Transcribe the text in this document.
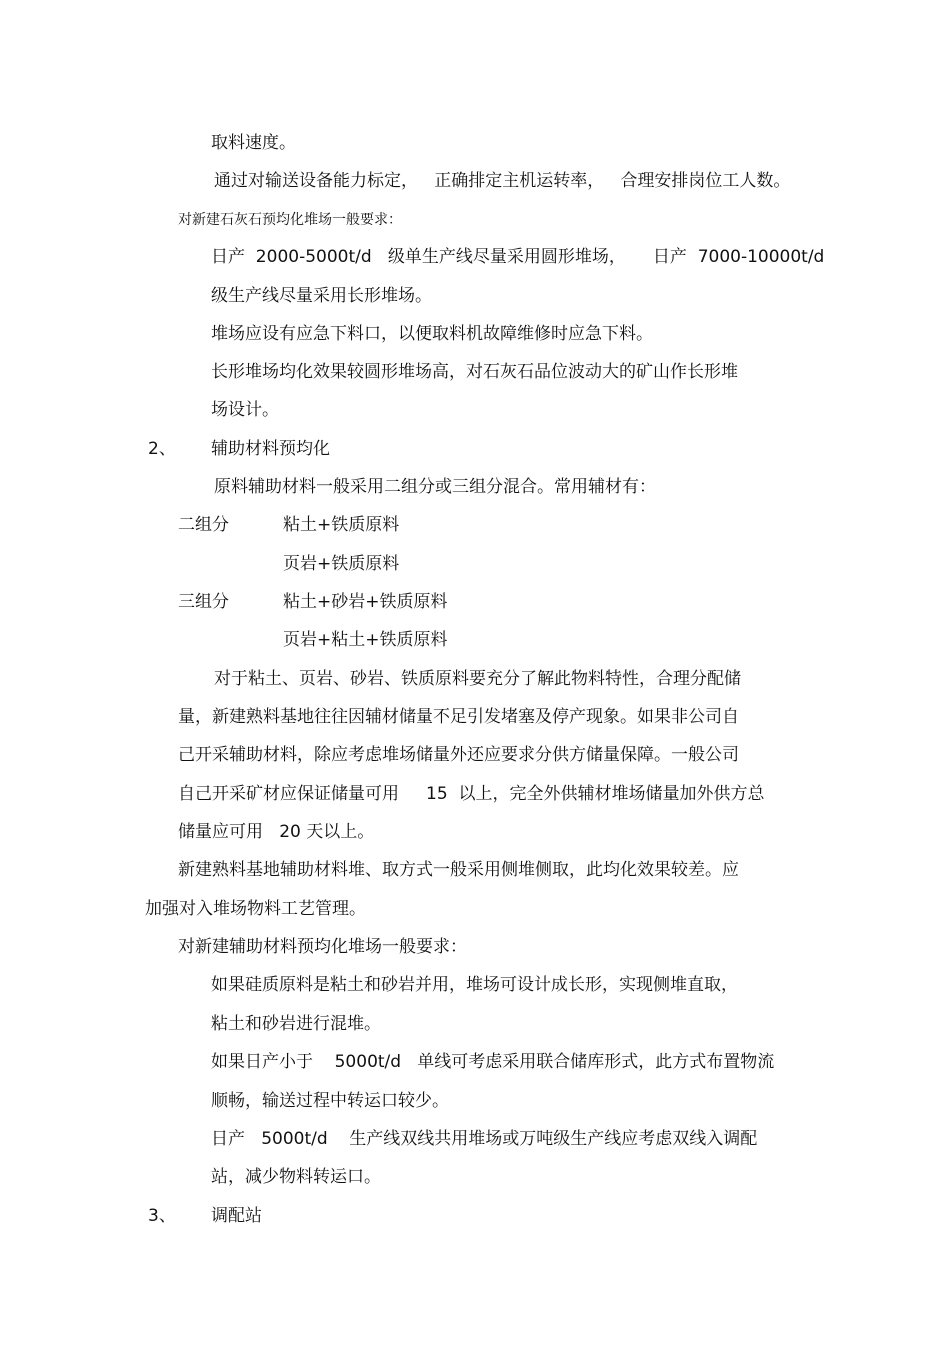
取料速度。
通过对输送设备能力标定，   正确排定主机运转率，   合理安排岗位工人数。
对新建石灰石预均化堆场一般要求：
日产  2000-5000t/d   级单生产线尽量采用圆形堆场，     日产  7000-10000t/d
级生产线尽量采用长形堆场。
堆场应设有应急下料口，以便取料机故障维修时应急下料。
长形堆场均化效果较圆形堆场高，对石灰石品位波动大的矿山作长形堆
场设计。
2、 辅助材料预均化
原料辅助材料一般采用二组分或三组分混合。常用辅材有：
二组分	粘土+铁质原料
页岩+铁质原料
三组分	粘土+砂岩+铁质原料
页岩+粘土+铁质原料
对于粘土、页岩、砂岩、铁质原料要充分了解此物料特性，合理分配储
量，新建熟料基地往往因辅材储量不足引发堵塞及停产现象。如果非公司自
己开采辅助材料，除应考虑堆场储量外还应要求分供方储量保障。一般公司
自己开采矿材应保证储量可用     15  以上，完全外供辅材堆场储量加外供方总
储量应可用   20 天以上。
新建熟料基地辅助材料堆、取方式一般采用侧堆侧取，此均化效果较差。应
加强对入堆场物料工艺管理。
对新建辅助材料预均化堆场一般要求：
如果硅质原料是粘土和砂岩并用，堆场可设计成长形，实现侧堆直取，
粘土和砂岩进行混堆。
如果日产小于    5000t/d   单线可考虑采用联合储库形式，此方式布置物流
顺畅，输送过程中转运口较少。
日产   5000t/d    生产线双线共用堆场或万吨级生产线应考虑双线入调配
站，减少物料转运口。
3、 调配站
